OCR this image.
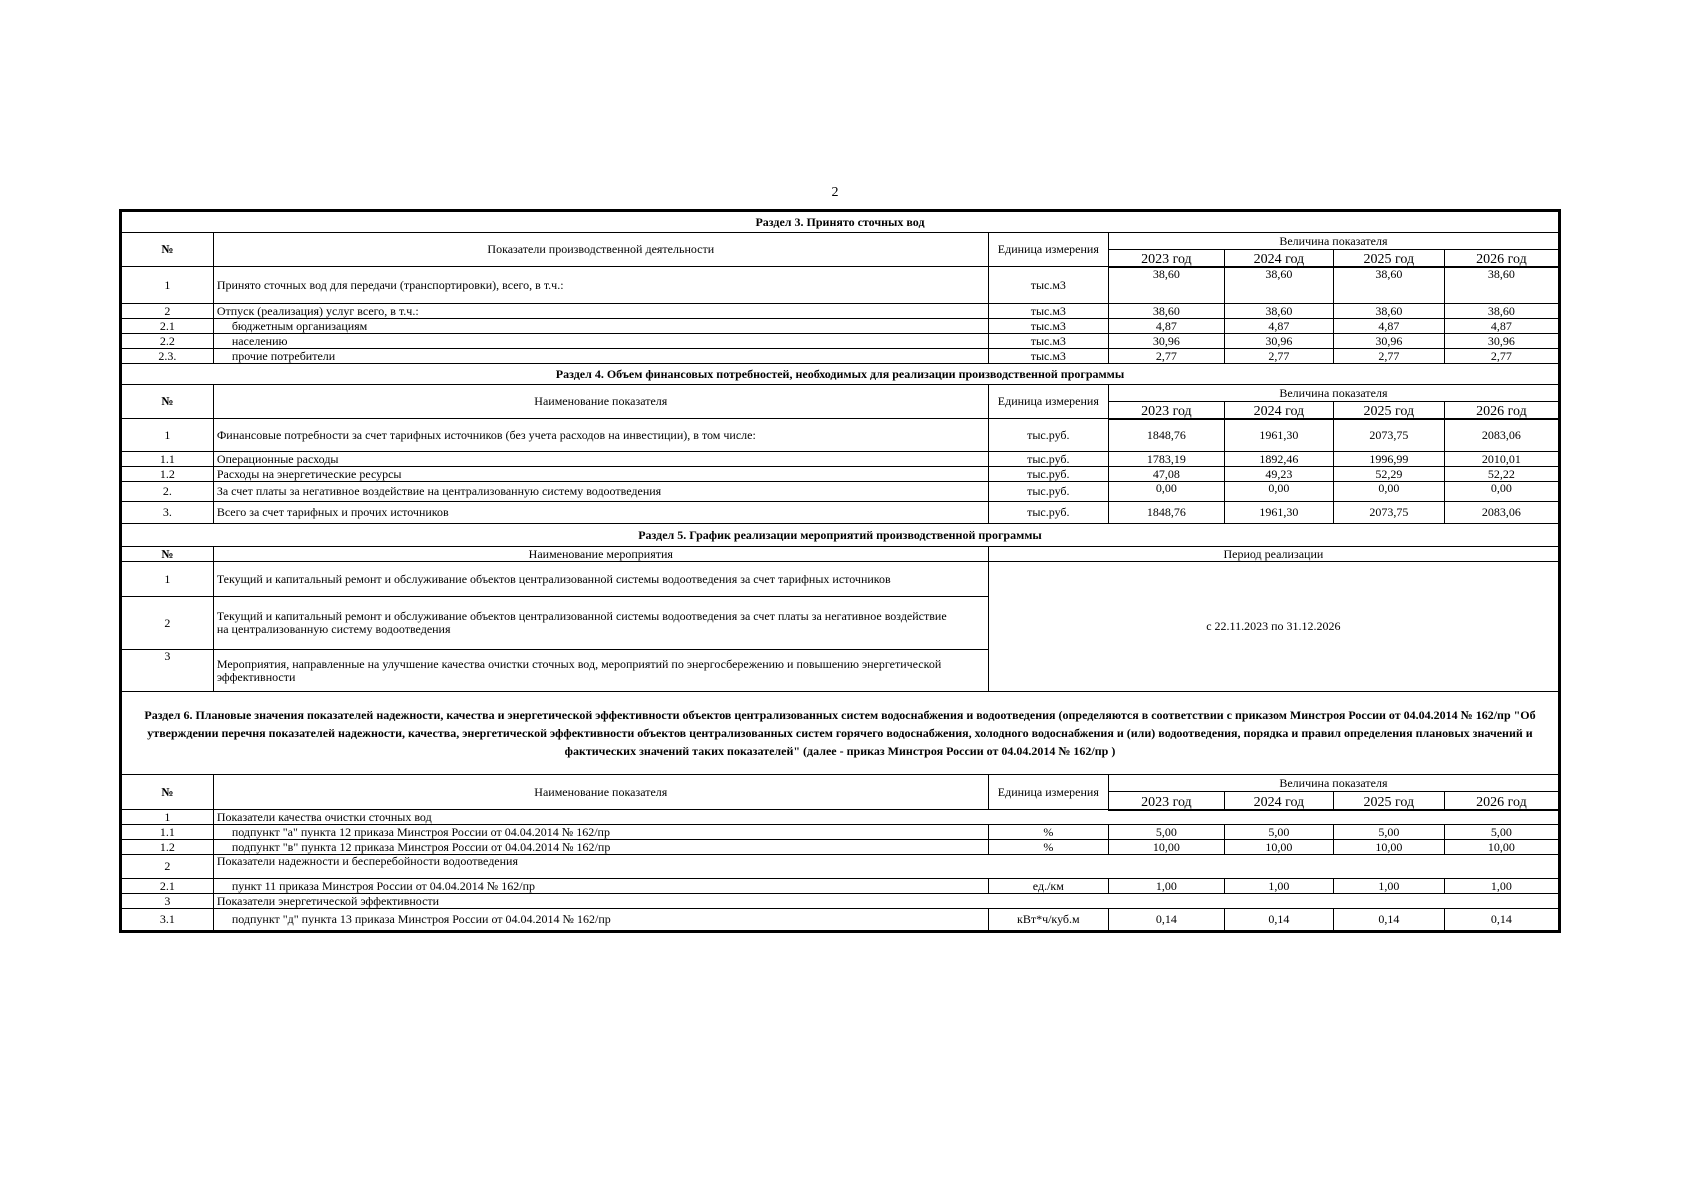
2
Раздел 3. Принято сточных вод						
№	Показатели производственной деятельности	Единица измерения	Величина показателя			
			2023 год	2024 год	2025 год	2026 год
1	Принято сточных вод для передачи (транспортировки), всего, в т.ч.:	тыс.м3	38,60	38,60	38,60	38,60
2	Отпуск (реализация) услуг всего, в т.ч.:	тыс.м3	38,60	38,60	38,60	38,60
2.1	бюджетным организациям	тыс.м3	4,87	4,87	4,87	4,87
2.2	населению	тыс.м3	30,96	30,96	30,96	30,96
2.3.	прочие потребители	тыс.м3	2,77	2,77	2,77	2,77
Раздел 4. Объем финансовых потребностей, необходимых для реализации производственной программы						
№	Наименование показателя	Единица измерения	Величина показателя			
			2023 год	2024 год	2025 год	2026 год
1	Финансовые потребности за счет тарифных источников (без учета расходов на инвестиции), в том числе:	тыс.руб.	1848,76	1961,30	2073,75	2083,06
1.1	Операционные расходы	тыс.руб.	1783,19	1892,46	1996,99	2010,01
1.2	Расходы на энергетические ресурсы	тыс.руб.	47,08	49,23	52,29	52,22
2.	За счет платы за негативное воздействие на централизованную систему водоотведения	тыс.руб.	0,00	0,00	0,00	0,00
3.	Всего за счет тарифных и прочих источников	тыс.руб.	1848,76	1961,30	2073,75	2083,06
Раздел 5. График реализации мероприятий производственной программы						
№	Наименование мероприятия	Период реализации				
1	Текущий и капитальный ремонт и обслуживание объектов централизованной системы водоотведения за счет тарифных источников	с 22.11.2023 по 31.12.2026				
2	Текущий и капитальный ремонт и обслуживание объектов централизованной системы водоотведения за счет платы за негативное воздействие на централизованную систему водоотведения					
3	Мероприятия, направленные на улучшение качества очистки сточных вод, мероприятий по энергосбережению и повышению энергетической эффективности					
Раздел 6. Плановые значения показателей надежности, качества и энергетической эффективности объектов централизованных систем водоснабжения и водоотведения (определяются в соответствии с приказом Минстроя России от 04.04.2014 № 162/пр "Об утверждении перечня показателей надежности, качества, энергетической эффективности объектов централизованных систем горячего водоснабжения, холодного водоснабжения и (или) водоотведения, порядка и правил определения плановых значений и фактических значений таких показателей" (далее - приказ Минстроя России от 04.04.2014 № 162/пр )						
№	Наименование показателя	Единица измерения	Величина показателя			
			2023 год	2024 год	2025 год	2026 год
1	Показатели качества очистки сточных вод					
1.1	подпункт "а" пункта 12 приказа Минстроя России от 04.04.2014 № 162/пр	%	5,00	5,00	5,00	5,00
1.2	подпункт "в" пункта 12 приказа Минстроя России от 04.04.2014 № 162/пр	%	10,00	10,00	10,00	10,00
2	Показатели надежности и бесперебойности водоотведения					
2.1	пункт 11 приказа Минстроя России от 04.04.2014 № 162/пр	ед./км	1,00	1,00	1,00	1,00
3	Показатели энергетической эффективности					
3.1	подпункт "д" пункта 13 приказа Минстроя России от 04.04.2014 № 162/пр	кВт*ч/куб.м	0,14	0,14	0,14	0,14
